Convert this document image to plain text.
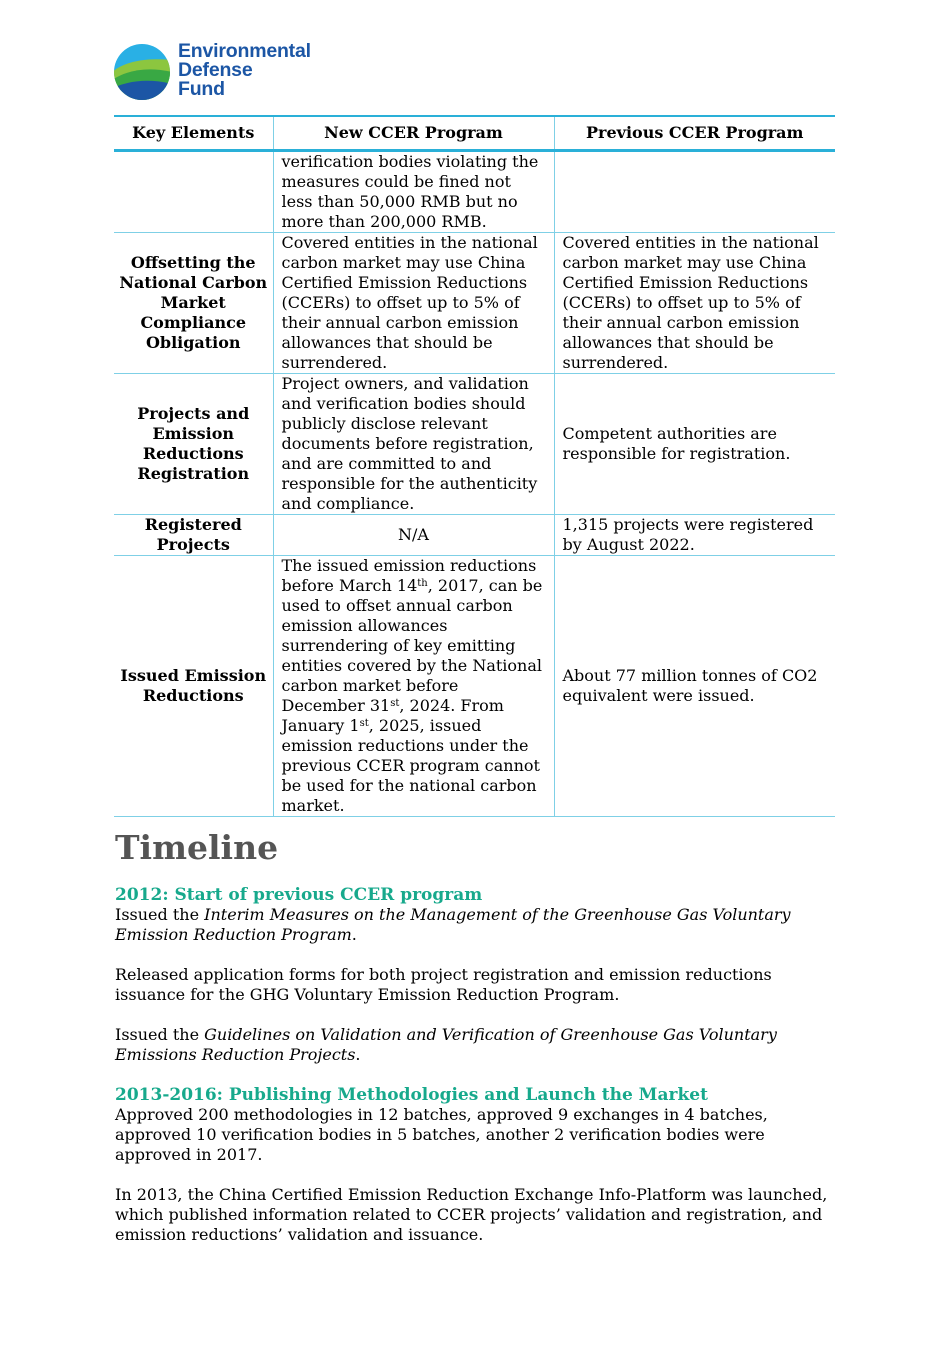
Environmental
Defense
Fund
Key Elements	New CCER Program	Previous CCER Program
	verification bodies violating the measures could be fined not less than 50,000 RMB but no more than 200,000 RMB.	
Offsetting the National Carbon Market Compliance Obligation	Covered entities in the national carbon market may use China Certified Emission Reductions (CCERs) to offset up to 5% of their annual carbon emission allowances that should be surrendered.	Covered entities in the national carbon market may use China Certified Emission Reductions (CCERs) to offset up to 5% of their annual carbon emission allowances that should be surrendered.
Projects and Emission Reductions Registration	Project owners, and validation and verification bodies should publicly disclose relevant documents before registration, and are committed to and responsible for the authenticity and compliance.	Competent authorities are responsible for registration.
Registered Projects	N/A	1,315 projects were registered by August 2022.
Issued Emission Reductions	The issued emission reductions before March 14th, 2017, can be used to offset annual carbon emission allowances surrendering of key emitting entities covered by the National carbon market before December 31st, 2024. From January 1st, 2025, issued emission reductions under the previous CCER program cannot be used for the national carbon market.	About 77 million tonnes of CO2 equivalent were issued.
Timeline
2012: Start of previous CCER program

Issued the Interim Measures on the Management of the Greenhouse Gas Voluntary Emission Reduction Program.

Released application forms for both project registration and emission reductions issuance for the GHG Voluntary Emission Reduction Program.

Issued the Guidelines on Validation and Verification of Greenhouse Gas Voluntary Emissions Reduction Projects.

2013-2016: Publishing Methodologies and Launch the Market

Approved 200 methodologies in 12 batches, approved 9 exchanges in 4 batches, approved 10 verification bodies in 5 batches, another 2 verification bodies were approved in 2017.

In 2013, the China Certified Emission Reduction Exchange Info-Platform was launched, which published information related to CCER projects’ validation and registration, and emission reductions’ validation and issuance.
